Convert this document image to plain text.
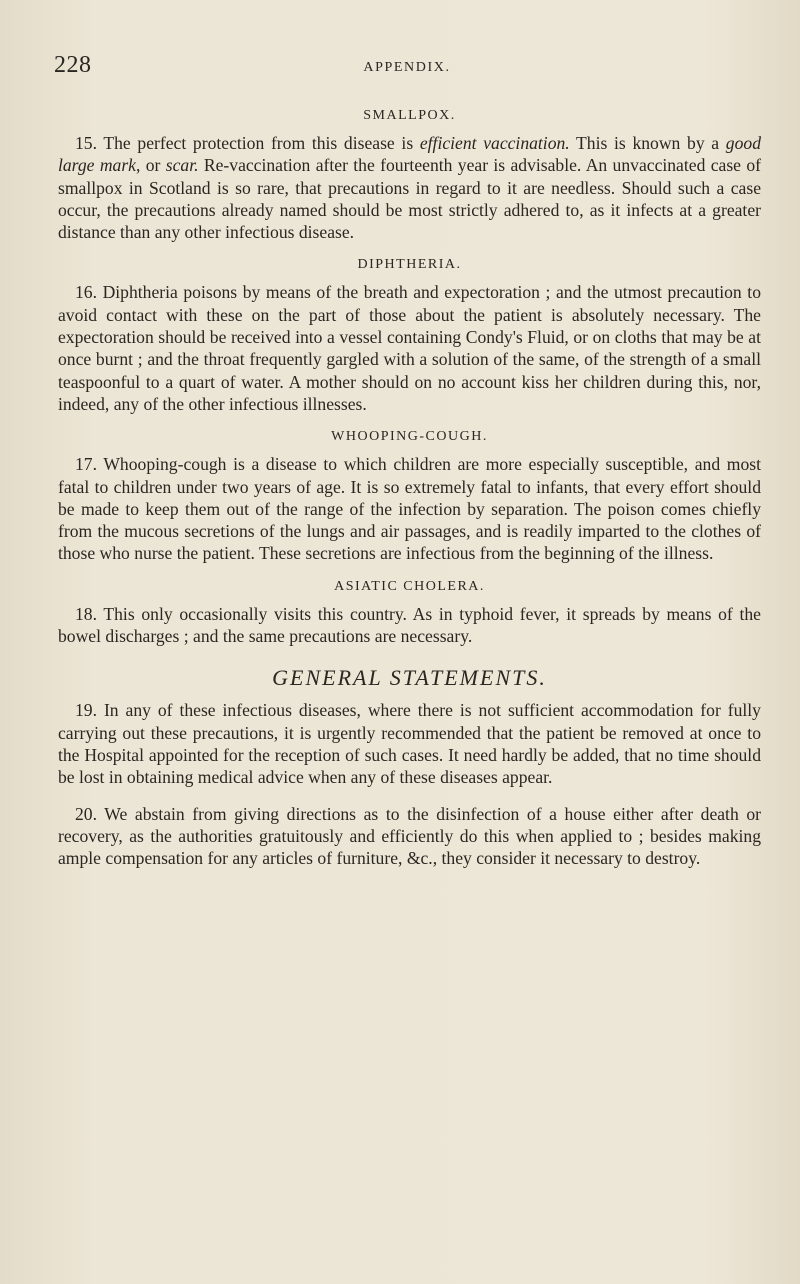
228	APPENDIX.
SMALLPOX.

15. The perfect protection from this disease is efficient vaccination. This is known by a good large mark, or scar. Re-vaccination after the fourteenth year is advisable. An unvaccinated case of smallpox in Scotland is so rare, that precautions in regard to it are needless. Should such a case occur, the precautions already named should be most strictly adhered to, as it infects at a greater distance than any other infectious disease.

DIPHTHERIA.

16. Diphtheria poisons by means of the breath and expectoration ; and the utmost precaution to avoid contact with these on the part of those about the patient is absolutely necessary. The expectoration should be received into a vessel containing Condy's Fluid, or on cloths that may be at once burnt ; and the throat frequently gargled with a solution of the same, of the strength of a small teaspoonful to a quart of water. A mother should on no account kiss her children during this, nor, indeed, any of the other infectious illnesses.

WHOOPING-COUGH.

17. Whooping-cough is a disease to which children are more especially susceptible, and most fatal to children under two years of age. It is so extremely fatal to infants, that every effort should be made to keep them out of the range of the infection by separation. The poison comes chiefly from the mucous secretions of the lungs and air passages, and is readily imparted to the clothes of those who nurse the patient. These secretions are infectious from the beginning of the illness.

ASIATIC CHOLERA.

18. This only occasionally visits this country. As in typhoid fever, it spreads by means of the bowel discharges ; and the same precautions are necessary.

GENERAL STATEMENTS.

19. In any of these infectious diseases, where there is not sufficient accommodation for fully carrying out these precautions, it is urgently recommended that the patient be removed at once to the Hospital appointed for the reception of such cases. It need hardly be added, that no time should be lost in obtaining medical advice when any of these diseases appear.

20. We abstain from giving directions as to the disinfection of a house either after death or recovery, as the authorities gratuitously and efficiently do this when applied to ; besides making ample compensation for any articles of furniture, &c., they consider it necessary to destroy.
